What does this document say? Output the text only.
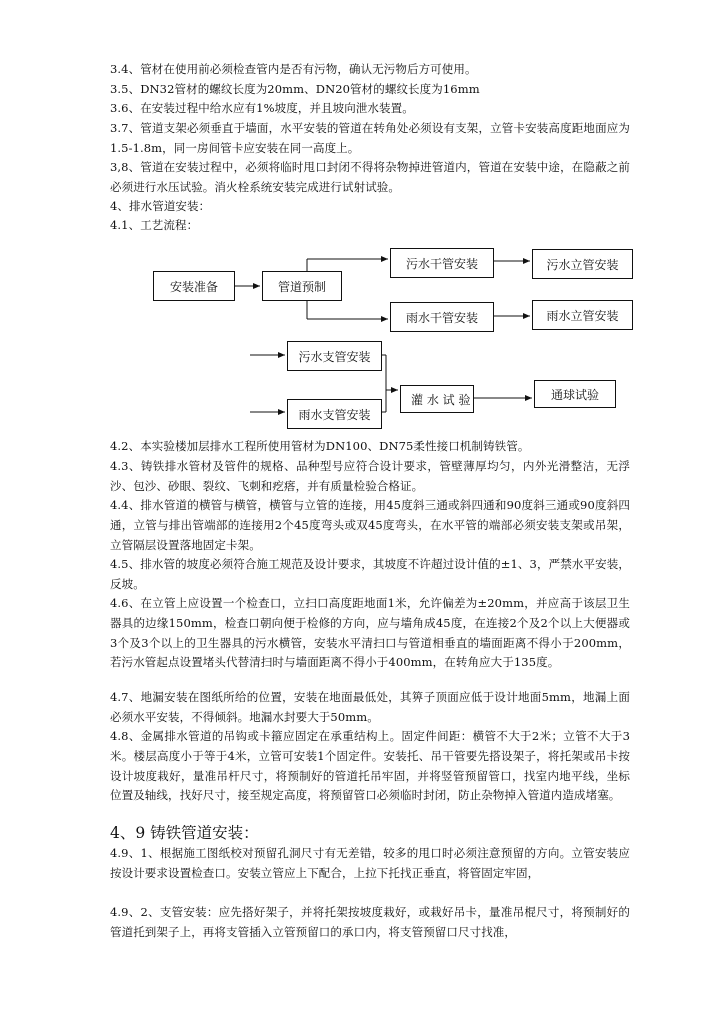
3.4、管材在使用前必须检查管内是否有污物，确认无污物后方可使用。

3.5、DN32管材的螺纹长度为20mm、DN20管材的螺纹长度为16mm

3.6、在安装过程中给水应有1%坡度，并且坡向泄水装置。

3.7、管道支架必须垂直于墙面，水平安装的管道在转角处必须设有支架，立管卡安装高度距地面应为1.5-1.8m，同一房间管卡应安装在同一高度上。

3,8、管道在安装过程中，必须将临时甩口封闭不得将杂物掉进管道内，管道在安装中途，在隐蔽之前必须进行水压试验。消火栓系统安装完成进行试射试验。

4、排水管道安装：

4.1、工艺流程：

安装准备	管道预制
污水干管安装	污水立管安装
雨水干管安装	雨水立管安装
污水支管安装
雨水支管安装
灌 水 试 验	通球试验

4.2、本实验楼加层排水工程所使用管材为DN100、DN75柔性接口机制铸铁管。

4.3、铸铁排水管材及管件的规格、品种型号应符合设计要求，管壁薄厚均匀，内外光滑整洁，无浮沙、包沙、砂眼、裂纹、飞刺和疙瘩，并有质量检验合格证。

4.4、排水管道的横管与横管，横管与立管的连接，用45度斜三通或斜四通和90度斜三通或90度斜四通，立管与排出管端部的连接用2个45度弯头或双45度弯头，在水平管的端部必须安装支架或吊架，立管隔层设置落地固定卡架。

4.5、排水管的坡度必须符合施工规范及设计要求，其坡度不许超过设计值的±1、3，严禁水平安装，反坡。

4.6、在立管上应设置一个检查口，立扫口高度距地面1米，允许偏差为±20mm，并应高于该层卫生器具的边缘150mm，检查口朝向便于检修的方向，应与墙角成45度，在连接2个及2个以上大便器或3个及3个以上的卫生器具的污水横管，安装水平清扫口与管道相垂直的墙面距离不得小于200mm，若污水管起点设置堵头代替清扫时与墙面距离不得小于400mm，在转角应大于135度。

4.7、地漏安装在图纸所给的位置，安装在地面最低处，其箅子顶面应低于设计地面5mm，地漏上面必须水平安装，不得倾斜。地漏水封要大于50mm。

4.8、金属排水管道的吊钩或卡箍应固定在承重结构上。固定件间距：横管不大于2米；立管不大于3米。楼层高度小于等于4米，立管可安装1个固定件。安装托、吊干管要先搭设架子，将托架或吊卡按设计坡度栽好，量准吊杆尺寸，将预制好的管道托吊牢固，并将竖管预留管口，找室内地平线，坐标位置及轴线，找好尺寸，接至规定高度，将预留管口必须临时封闭，防止杂物掉入管道内造成堵塞。

4、9 铸铁管道安装：

4.9、1、根据施工图纸校对预留孔洞尺寸有无差错，较多的甩口时必须注意预留的方向。立管安装应按设计要求设置检查口。安装立管应上下配合，上拉下托找正垂直，将管固定牢固，

4.9、2、支管安装：应先搭好架子，并将托架按坡度栽好，或栽好吊卡，量准吊棍尺寸，将预制好的管道托到架子上，再将支管插入立管预留口的承口内，将支管预留口尺寸找准，
